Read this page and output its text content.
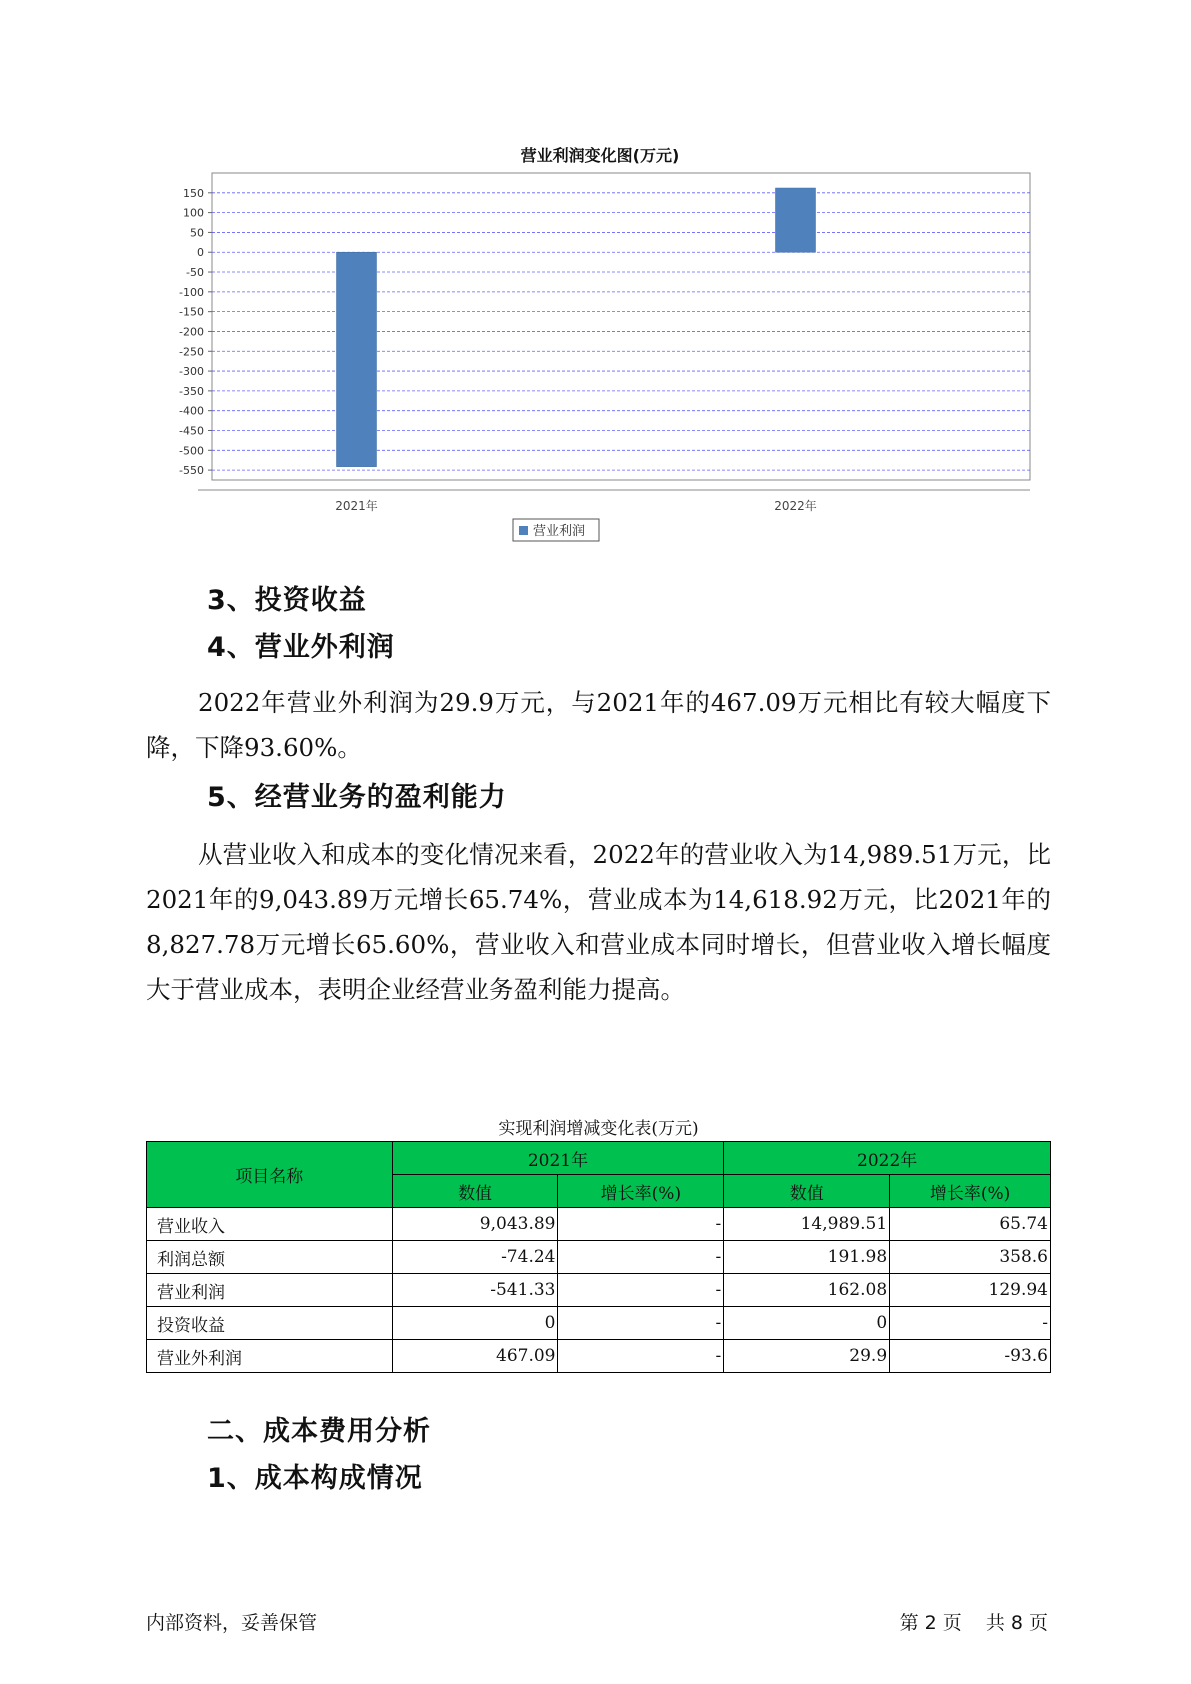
营业利润变化图(万元)
150
100
50
0
-50
-100
-150
-200
-250
-300
-350
-400
-450
-500
-550
2021年	2022年
营业利润
3、投资收益
4、营业外利润

2022年营业外利润为29.9万元，与2021年的467.09万元相比有较大幅度下降，下降93.60%。

5、经营业务的盈利能力

从营业收入和成本的变化情况来看，2022年的营业收入为14,989.51万元，比2021年的9,043.89万元增长65.74%，营业成本为14,618.92万元，比2021年的8,827.78万元增长65.60%，营业收入和营业成本同时增长，但营业收入增长幅度大于营业成本，表明企业经营业务盈利能力提高。

实现利润增减变化表(万元)
项目名称	2021年		2022年	
	数值	增长率(%)	数值	增长率(%)
营业收入	9,043.89	-	14,989.51	65.74
利润总额	-74.24	-	191.98	358.6
营业利润	-541.33	-	162.08	129.94
投资收益	0	-	0	-
营业外利润	467.09	-	29.9	-93.6
二、成本费用分析
1、成本构成情况
内部资料，妥善保管	第 2 页 共 8 页
